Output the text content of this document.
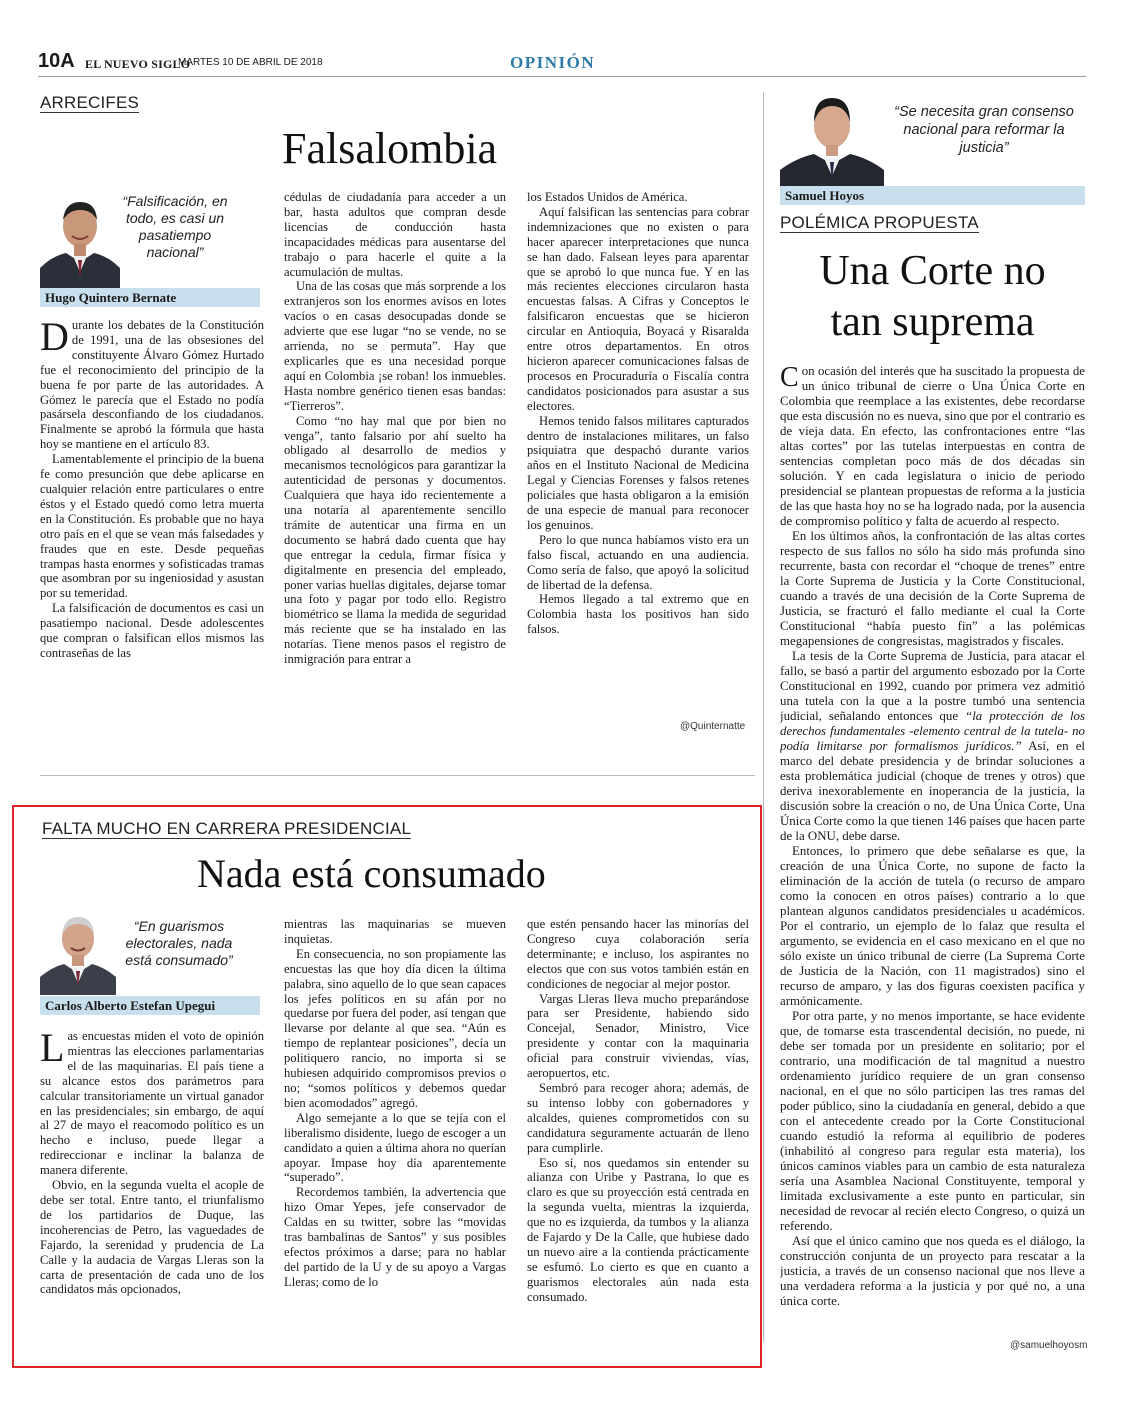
10A EL NUEVO SIGLO
MARTES 10 DE ABRIL DE 2018	OPINIÓN
ARRECIFES
Falsalombia
“Falsificación, en todo, es casi un pasatiempo nacional”
Hugo Quintero Bernate

Durante los debates de la Constitución de 1991, una de las obsesiones del constituyente Álvaro Gómez Hurtado fue el reconocimiento del principio de la buena fe por parte de las autoridades. A Gómez le parecía que el Estado no podía pasársela desconfiando de los ciudadanos. Finalmente se aprobó la fórmula que hasta hoy se mantiene en el artículo 83.

Lamentablemente el principio de la buena fe como presunción que debe aplicarse en cualquier relación entre particulares o entre éstos y el Estado quedó como letra muerta en la Constitución. Es probable que no haya otro país en el que se vean más falsedades y fraudes que en este. Desde pequeñas trampas hasta enormes y sofisticadas tramas que asombran por su ingeniosidad y asustan por su temeridad.

La falsificación de documentos es casi un pasatiempo nacional. Desde adolescentes que compran o falsifican ellos mismos las contraseñas de las

cédulas de ciudadanía para acceder a un bar, hasta adultos que compran desde licencias de conducción hasta incapacidades médicas para ausentarse del trabajo o para hacerle el quite a la acumulación de multas.

Una de las cosas que más sorprende a los extranjeros son los enormes avisos en lotes vacíos o en casas desocupadas donde se advierte que ese lugar “no se vende, no se arrienda, no se permuta”. Hay que explicarles que es una necesidad porque aquí en Colombia ¡se roban! los inmuebles. Hasta nombre genérico tienen esas bandas: “Tierreros”.

Como “no hay mal que por bien no venga”, tanto falsario por ahí suelto ha obligado al desarrollo de medios y mecanismos tecnológicos para garantizar la autenticidad de personas y documentos. Cualquiera que haya ido recientemente a una notaría al aparentemente sencillo trámite de autenticar una firma en un documento se habrá dado cuenta que hay que entregar la cedula, firmar física y digitalmente en presencia del empleado, poner varias huellas digitales, dejarse tomar una foto y pagar por todo ello. Registro biométrico se llama la medida de seguridad más reciente que se ha instalado en las notarías. Tiene menos pasos el registro de inmigración para entrar a

los Estados Unidos de América.

Aquí falsifican las sentencias para cobrar indemnizaciones que no existen o para hacer aparecer interpretaciones que nunca se han dado. Falsean leyes para aparentar que se aprobó lo que nunca fue. Y en las más recientes elecciones circularon hasta encuestas falsas. A Cifras y Conceptos le falsificaron encuestas que se hicieron circular en Antioquia, Boyacá y Risaralda entre otros departamentos. En otros hicieron aparecer comunicaciones falsas de procesos en Procuraduría o Fiscalía contra candidatos posicionados para asustar a sus electores.

Hemos tenido falsos militares capturados dentro de instalaciones militares, un falso psiquiatra que despachó durante varios años en el Instituto Nacional de Medicina Legal y Ciencias Forenses y falsos retenes policiales que hasta obligaron a la emisión de una especie de manual para reconocer los genuinos.

Pero lo que nunca habíamos visto era un falso fiscal, actuando en una audiencia. Como sería de falso, que apoyó la solicitud de libertad de la defensa.

Hemos llegado a tal extremo que en Colombia hasta los positivos han sido falsos.

@Quinternatte
FALTA MUCHO EN CARRERA PRESIDENCIAL
Nada está consumado
“En guarismos electorales, nada está consumado”
Carlos Alberto Estefan Upegui

Las encuestas miden el voto de opinión mientras las elecciones parlamentarias el de las maquinarias. El país tiene a su alcance estos dos parámetros para calcular transitoriamente un virtual ganador en las presidenciales; sin embargo, de aquí al 27 de mayo el reacomodo político es un hecho e incluso, puede llegar a redireccionar e inclinar la balanza de manera diferente.

Obvio, en la segunda vuelta el acople de debe ser total. Entre tanto, el triunfalismo de los partidarios de Duque, las incoherencias de Petro, las vaguedades de Fajardo, la serenidad y prudencia de La Calle y la audacia de Vargas Lleras son la carta de presentación de cada uno de los candidatos más opcionados,

mientras las maquinarias se mueven inquietas.

En consecuencia, no son propiamente las encuestas las que hoy día dicen la última palabra, sino aquello de lo que sean capaces los jefes políticos en su afán por no quedarse por fuera del poder, así tengan que llevarse por delante al que sea. “Aún es tiempo de replantear posiciones”, decía un politiquero rancio, no importa si se hubiesen adquirido compromisos previos o no; “somos políticos y debemos quedar bien acomodados” agregó.

Algo semejante a lo que se tejía con el liberalismo disidente, luego de escoger a un candidato a quien a última ahora no querían apoyar. Impase hoy día aparentemente “superado”.

Recordemos también, la advertencia que hizo Omar Yepes, jefe conservador de Caldas en su twitter, sobre las “movidas tras bambalinas de Santos” y sus posibles efectos próximos a darse; para no hablar del partido de la U y de su apoyo a Vargas Lleras; como de lo

que estén pensando hacer las minorías del Congreso cuya colaboración sería determinante; e incluso, los aspirantes no electos que con sus votos también están en condiciones de negociar al mejor postor.

Vargas Lleras lleva mucho preparándose para ser Presidente, habiendo sido Concejal, Senador, Ministro, Vice presidente y contar con la maquinaria oficial para construir viviendas, vías, aeropuertos, etc.

Sembró para recoger ahora; además, de su intenso lobby con gobernadores y alcaldes, quienes comprometidos con su candidatura seguramente actuarán de lleno para cumplirle.

Eso sí, nos quedamos sin entender su alianza con Uribe y Pastrana, lo que es claro es que su proyección está centrada en la segunda vuelta, mientras la izquierda, que no es izquierda, da tumbos y la alianza de Fajardo y De la Calle, que hubiese dado un nuevo aire a la contienda prácticamente se esfumó. Lo cierto es que en cuanto a guarismos electorales aún nada esta consumado.

“Se necesita gran consenso nacional para reformar la justicia”
Samuel Hoyos
POLÉMICA PROPUESTA
Una Corte no
tan suprema

Con ocasión del interés que ha suscitado la propuesta de un único tribunal de cierre o Una Única Corte en Colombia que reemplace a las existentes, debe recordarse que esta discusión no es nueva, sino que por el contrario es de vieja data. En efecto, las confrontaciones entre “las altas cortes” por las tutelas interpuestas en contra de sentencias completan poco más de dos décadas sin solución. Y en cada legislatura o inicio de periodo presidencial se plantean propuestas de reforma a la justicia de las que hasta hoy no se ha logrado nada, por la ausencia de compromiso político y falta de acuerdo al respecto.

En los últimos años, la confrontación de las altas cortes respecto de sus fallos no sólo ha sido más profunda sino recurrente, basta con recordar el “choque de trenes” entre la Corte Suprema de Justicia y la Corte Constitucional, cuando a través de una decisión de la Corte Suprema de Justicia, se fracturó el fallo mediante el cual la Corte Constitucional “había puesto fin” a las polémicas megapensiones de congresistas, magistrados y fiscales.

La tesis de la Corte Suprema de Justicia, para atacar el fallo, se basó a partir del argumento esbozado por la Corte Constitucional en 1992, cuando por primera vez admitió una tutela con la que a la postre tumbó una sentencia judicial, señalando entonces que “la protección de los derechos fundamentales -elemento central de la tutela- no podía limitarse por formalismos jurídicos.” Así, en el marco del debate presidencia y de brindar soluciones a esta problemática judicial (choque de trenes y otros) que deriva inexorablemente en inoperancia de la justicia, la discusión sobre la creación o no, de Una Única Corte, Una Única Corte como la que tienen 146 países que hacen parte de la ONU, debe darse.

Entonces, lo primero que debe señalarse es que, la creación de una Única Corte, no supone de facto la eliminación de la acción de tutela (o recurso de amparo como la conocen en otros países) contrario a lo que plantean algunos candidatos presidenciales u académicos. Por el contrario, un ejemplo de lo falaz que resulta el argumento, se evidencia en el caso mexicano en el que no sólo existe un único tribunal de cierre (La Suprema Corte de Justicia de la Nación, con 11 magistrados) sino el recurso de amparo, y las dos figuras coexisten pacífica y armónicamente.

Por otra parte, y no menos importante, se hace evidente que, de tomarse esta trascendental decisión, no puede, ni debe ser tomada por un presidente en solitario; por el contrario, una modificación de tal magnitud a nuestro ordenamiento jurídico requiere de un gran consenso nacional, en el que no sólo participen las tres ramas del poder público, sino la ciudadanía en general, debido a que con el antecedente creado por la Corte Constitucional cuando estudió la reforma al equilibrio de poderes (inhabilitó al congreso para regular esta materia), los únicos caminos viables para un cambio de esta naturaleza sería una Asamblea Nacional Constituyente, temporal y limitada exclusivamente a este punto en particular, sin necesidad de revocar al recién electo Congreso, o quizá un referendo.

Así que el único camino que nos queda es el diálogo, la construcción conjunta de un proyecto para rescatar a la justicia, a través de un consenso nacional que nos lleve a una verdadera reforma a la justicia y por qué no, a una única corte.

@samuelhoyosm
